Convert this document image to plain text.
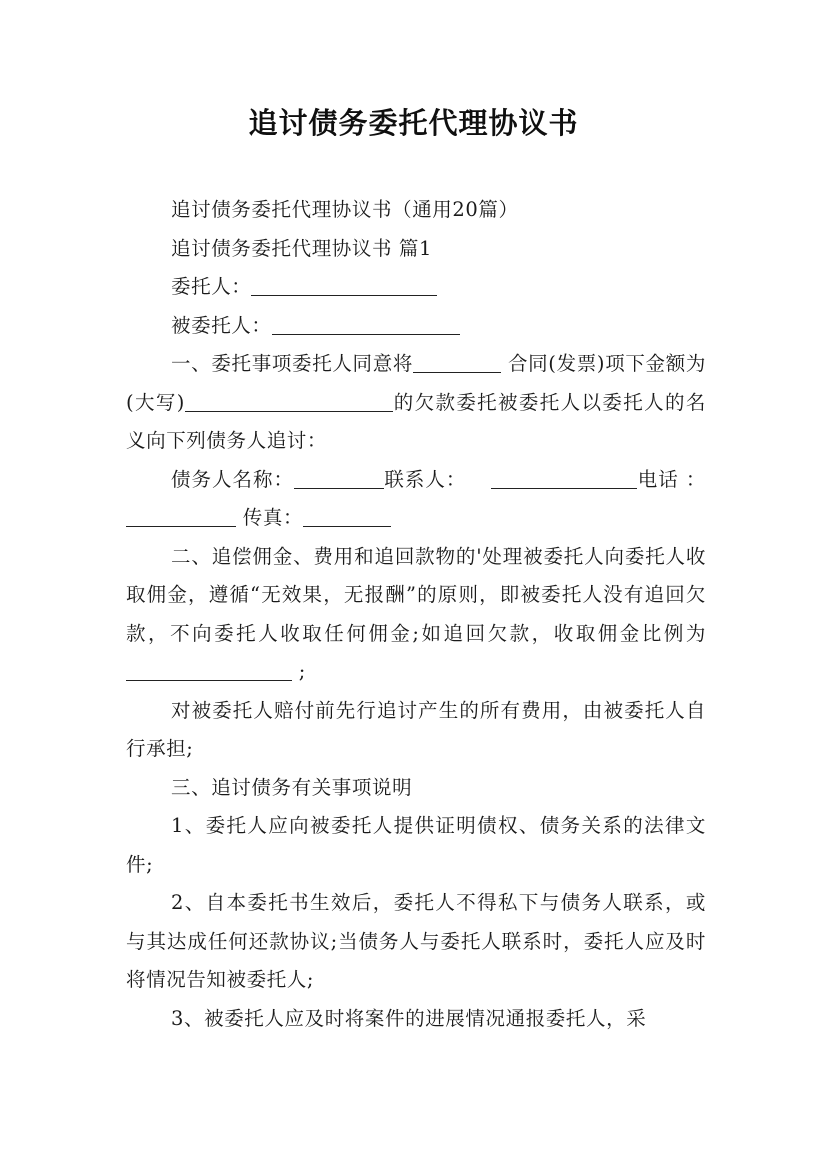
追讨债务委托代理协议书

追讨债务委托代理协议书（通用20篇）

追讨债务委托代理协议书 篇1

委托人：

被委托人：

一、委托事项委托人同意将	合同(发票)项下金额为(大写)	的欠款委托被委托人以委托人的名义向下列债务人追讨：

债务人名称：	联系人：	电话 ： 传真：

二、追偿佣金、费用和追回款物的'处理被委托人向委托人收取佣金，遵循“无效果，无报酬”的原则，即被委托人没有追回欠款，不向委托人收取任何佣金;如追回欠款，收取佣金比例为 ;

对被委托人赔付前先行追讨产生的所有费用，由被委托人自行承担;

三、追讨债务有关事项说明

1、委托人应向被委托人提供证明债权、债务关系的法律文件;

2、自本委托书生效后，委托人不得私下与债务人联系，或与其达成任何还款协议;当债务人与委托人联系时，委托人应及时将情况告知被委托人;

3、被委托人应及时将案件的进展情况通报委托人，采
